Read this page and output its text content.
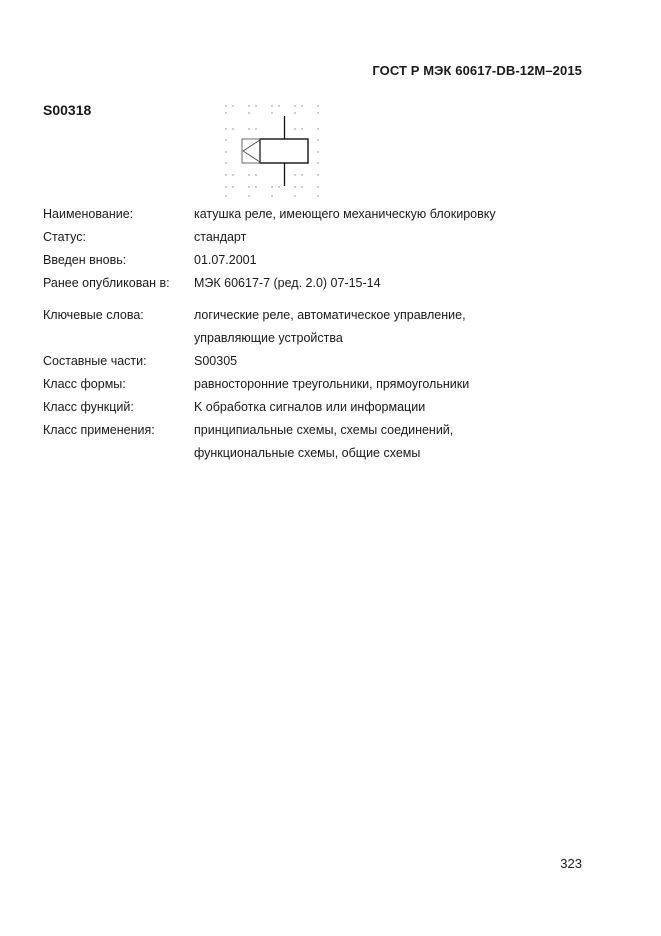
ГОСТ Р МЭК 60617-DB-12M–2015
S00318
Наименование:	катушка реле, имеющего механическую блокировку
Статус:	стандарт
Введен вновь:	01.07.2001
Ранее опубликован в:	МЭК 60617-7 (ред. 2.0) 07-15-14
Ключевые слова:	логические реле, автоматическое управление,
управляющие устройства
Составные части:	S00305
Класс формы:	равносторонние треугольники, прямоугольники
Класс функций:	K обработка сигналов или информации
Класс применения:	принципиальные схемы, схемы соединений,
функциональные схемы, общие схемы
323
